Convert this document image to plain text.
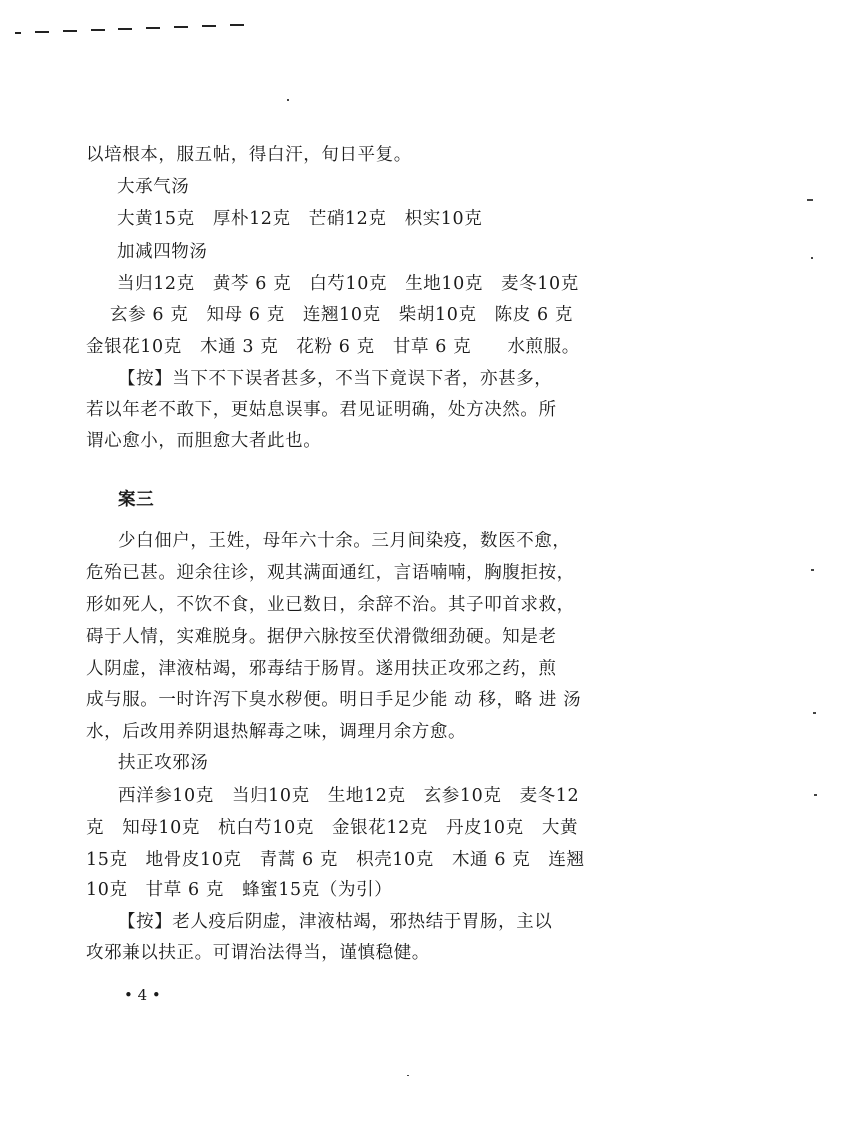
以培根本，服五帖，得白汗，旬日平复。
大承气汤
大黄15克　厚朴12克　芒硝12克　枳实10克
加减四物汤
当归12克　黄芩 6 克　白芍10克　生地10克　麦冬10克
玄参 6 克　知母 6 克　连翘10克　柴胡10克　陈皮 6 克
金银花10克　木通 3 克　花粉 6 克　甘草 6 克　　水煎服。
【按】当下不下误者甚多，不当下竟误下者，亦甚多，
若以年老不敢下，更姑息误事。君见证明确，处方决然。所
谓心愈小，而胆愈大者此也。
案三
少白佃户，王姓，母年六十余。三月间染疫，数医不愈，
危殆已甚。迎余往诊，观其满面通红，言语喃喃，胸腹拒按，
形如死人，不饮不食，业已数日，余辞不治。其子叩首求救，
碍于人情，实难脱身。据伊六脉按至伏滑微细劲硬。知是老
人阴虚，津液枯竭，邪毒结于肠胃。遂用扶正攻邪之药，煎
成与服。一时许泻下臭水秽便。明日手足少能 动 移，略 进 汤
水，后改用养阴退热解毒之味，调理月余方愈。
扶正攻邪汤
西洋参10克　当归10克　生地12克　玄参10克　麦冬12
克　知母10克　杭白芍10克　金银花12克　丹皮10克　大黄
15克　地骨皮10克　青蒿 6 克　枳壳10克　木通 6 克　连翘
10克　甘草 6 克　蜂蜜15克（为引）
【按】老人疫后阴虚，津液枯竭，邪热结于胃肠，主以
攻邪兼以扶正。可谓治法得当，谨慎稳健。
• 4 •
